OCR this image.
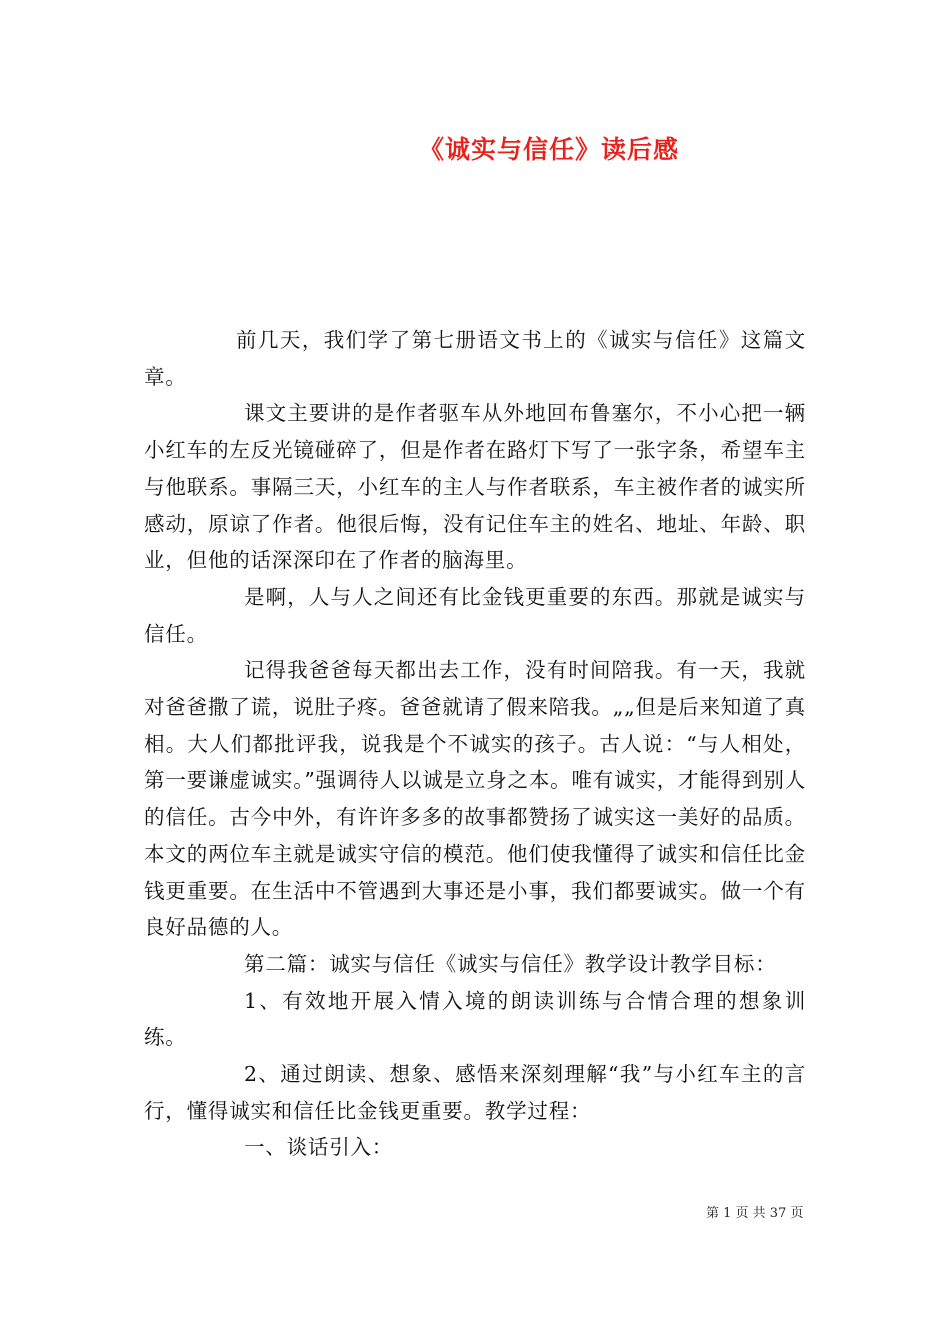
《诚实与信任》读后感

前几天，我们学了第七册语文书上的《诚实与信任》这篇文章。

课文主要讲的是作者驱车从外地回布鲁塞尔，不小心把一辆小红车的左反光镜碰碎了，但是作者在路灯下写了一张字条，希望车主与他联系。事隔三天，小红车的主人与作者联系，车主被作者的诚实所感动，原谅了作者。他很后悔，没有记住车主的姓名、地址、年龄、职业，但他的话深深印在了作者的脑海里。

是啊，人与人之间还有比金钱更重要的东西。那就是诚实与信任。

记得我爸爸每天都出去工作，没有时间陪我。有一天，我就对爸爸撒了谎，说肚子疼。爸爸就请了假来陪我。„„但是后来知道了真相。大人们都批评我，说我是个不诚实的孩子。古人说：“与人相处，第一要谦虚诚实。”强调待人以诚是立身之本。唯有诚实，才能得到别人的信任。古今中外，有许许多多的故事都赞扬了诚实这一美好的品质。本文的两位车主就是诚实守信的模范。他们使我懂得了诚实和信任比金钱更重要。在生活中不管遇到大事还是小事，我们都要诚实。做一个有良好品德的人。

第二篇：诚实与信任《诚实与信任》教学设计教学目标：

1、有效地开展入情入境的朗读训练与合情合理的想象训练。

2、通过朗读、想象、感悟来深刻理解“我”与小红车主的言行，懂得诚实和信任比金钱更重要。教学过程：

一、谈话引入：

第 1 页 共 37 页
